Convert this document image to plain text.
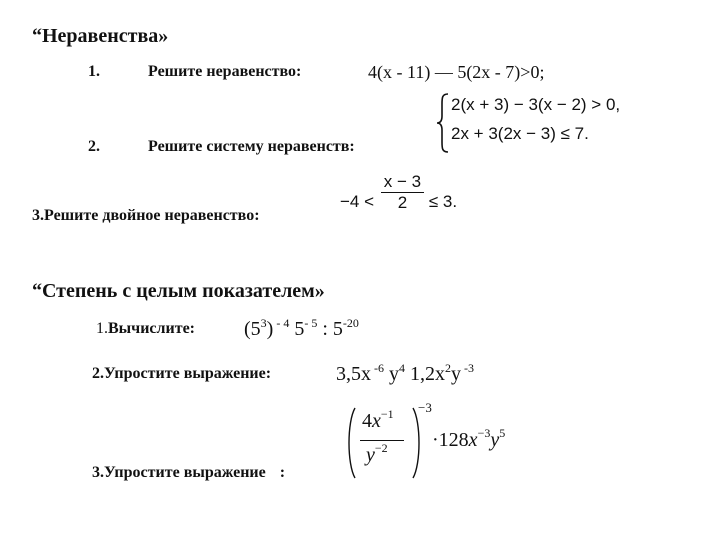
“Неравенства»
1.	Решите неравенство:	4(x - 11) — 5(2x - 7)>0;
2.	Решите систему неравенств:
2(x + 3) − 3(x − 2) > 0,
2x + 3(2x − 3) ≤ 7.
3.Решите двойное неравенство:
$-4 < \frac{x - 3}{2} \le 3$.
“Степень с целым показателем»
1.Вычислите: $(5^3)$ $^{- 4}$ $5^{- 5}$ : $5^{-20}$
2.Упростите выражение:	3,5x $^{-6}$ $y^4$ $1,2x^2y$ $^{-3}$
3.Упростите выражение :
$4x^{-1}$
$y^{-2}$
−3
$\cdot 128x^{-3}y^5$
